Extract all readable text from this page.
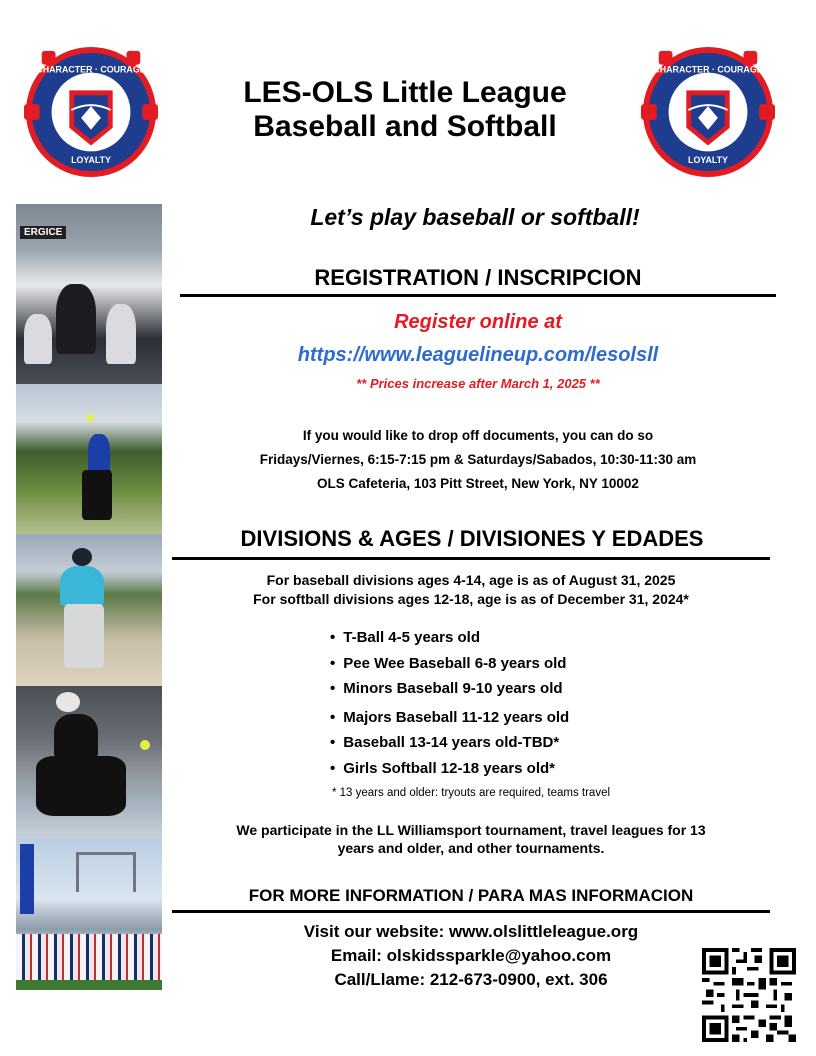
CHARACTER · COURAGE
LOYALTY
CHARACTER · COURAGE
LOYALTY
LES-OLS Little League
Baseball and Softball
ERGICE
Let’s play baseball or softball!
REGISTRATION / INSCRIPCION
Register online at
https://www.leaguelineup.com/lesolsll
** Prices increase after March 1, 2025 **
If you would like to drop off documents, you can do so
Fridays/Viernes, 6:15-7:15 pm & Saturdays/Sabados, 10:30-11:30 am
OLS Cafeteria, 103 Pitt Street, New York, NY 10002
DIVISIONS & AGES / DIVISIONES Y EDADES
For baseball divisions ages 4-14, age is as of August 31, 2025
For softball divisions ages 12-18, age is as of December 31, 2024*
• T-Ball 4-5 years old
• Pee Wee Baseball 6-8 years old
• Minors Baseball 9-10 years old
• Majors Baseball 11-12 years old
• Baseball 13-14 years old-TBD*
• Girls Softball 12-18 years old*
* 13 years and older: tryouts are required, teams travel
We participate in the LL Williamsport tournament, travel leagues for 13
years and older, and other tournaments.
FOR MORE INFORMATION / PARA MAS INFORMACION
Visit our website: www.olslittleleague.org
Email: olskidssparkle@yahoo.com
Call/Llame: 212-673-0900, ext. 306
